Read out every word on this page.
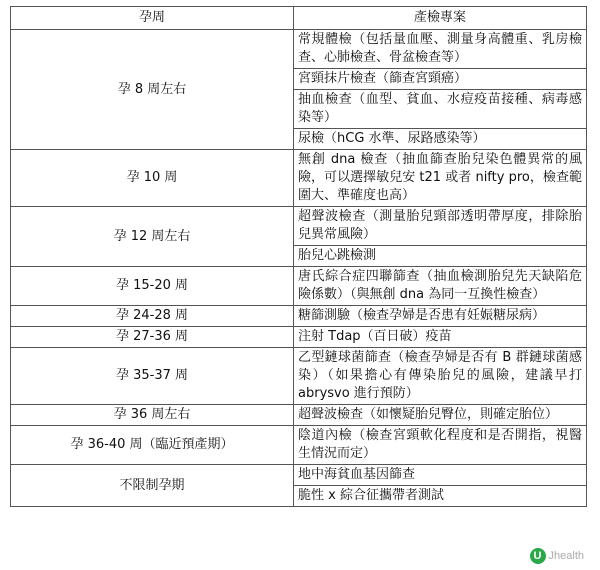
孕周	產檢專案
孕 8 周左右	常規體檢（包括量血壓、測量身高體重、乳房檢查、心肺檢查、骨盆檢查等）
	宮頸抹片檢查（篩查宮頸癌）
	抽血檢查（血型、貧血、水痘疫苗接種、病毒感染等）
	尿檢（hCG 水準、尿路感染等）
孕 10 周	無創 dna 檢查（抽血篩查胎兒染色體異常的風險，可以選擇敏兒安 t21 或者 nifty pro，檢查範圍大、準確度也高）
孕 12 周左右	超聲波檢查（測量胎兒頸部透明帶厚度，排除胎兒異常風險）
	胎兒心跳檢測
孕 15-20 周	唐氏綜合症四聯篩查（抽血檢測胎兒先天缺陷危險係數）（與無創 dna 為同一互換性檢查）
孕 24-28 周	糖篩測驗（檢查孕婦是否患有妊娠糖尿病）
孕 27-36 周	注射 Tdap（百日破）疫苗
孕 35-37 周	乙型鏈球菌篩查（檢查孕婦是否有 B 群鏈球菌感染）（如果擔心有傳染胎兒的風險，建議早打 abrysvo 進行預防）
孕 36 周左右	超聲波檢查（如懷疑胎兒臀位，則確定胎位）
孕 36-40 周（臨近預產期）	陰道內檢（檢查宮頸軟化程度和是否開指，視醫生情況而定）
不限制孕期	地中海貧血基因篩查
	脆性 x 綜合征攜帶者測試
U Jhealth
